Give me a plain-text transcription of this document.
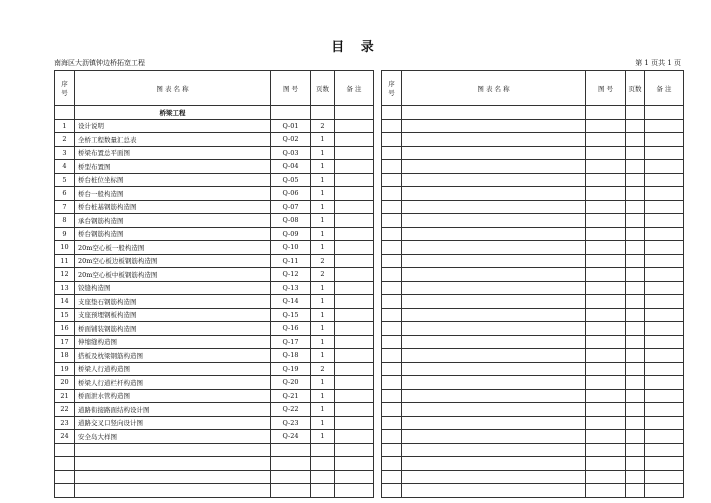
目 录
南海区大沥镇钟边桥拓宽工程	第 1 页共 1 页
序
号	图 表 名 称	图 号	页数	备 注
	桥梁工程			
1	设计说明	Q-01	2	
2	全桥工程数量汇总表	Q-02	1	
3	桥梁布置总平面图	Q-03	1	
4	桥型布置图	Q-04	1	
5	桥台桩位坐标图	Q-05	1	
6	桥台一般构造图	Q-06	1	
7	桥台桩基钢筋构造图	Q-07	1	
8	承台钢筋构造图	Q-08	1	
9	桥台钢筋构造图	Q-09	1	
10	20m空心板一般构造图	Q-10	1	
11	20m空心板边板钢筋构造图	Q-11	2	
12	20m空心板中板钢筋构造图	Q-12	2	
13	铰缝构造图	Q-13	1	
14	支座垫石钢筋构造图	Q-14	1	
15	支座预埋钢板构造图	Q-15	1	
16	桥面铺装钢筋构造图	Q-16	1	
17	伸缩缝构造图	Q-17	1	
18	搭板及枕梁钢筋构造图	Q-18	1	
19	桥梁人行道构造图	Q-19	2	
20	桥梁人行道栏杆构造图	Q-20	1	
21	桥面泄水管构造图	Q-21	1	
22	道路衔接路面结构设计图	Q-22	1	
23	道路交叉口竖向设计图	Q-23	1	
24	安全岛大样图	Q-24	1	

序
号	图 表 名 称	图 号	页数	备 注
